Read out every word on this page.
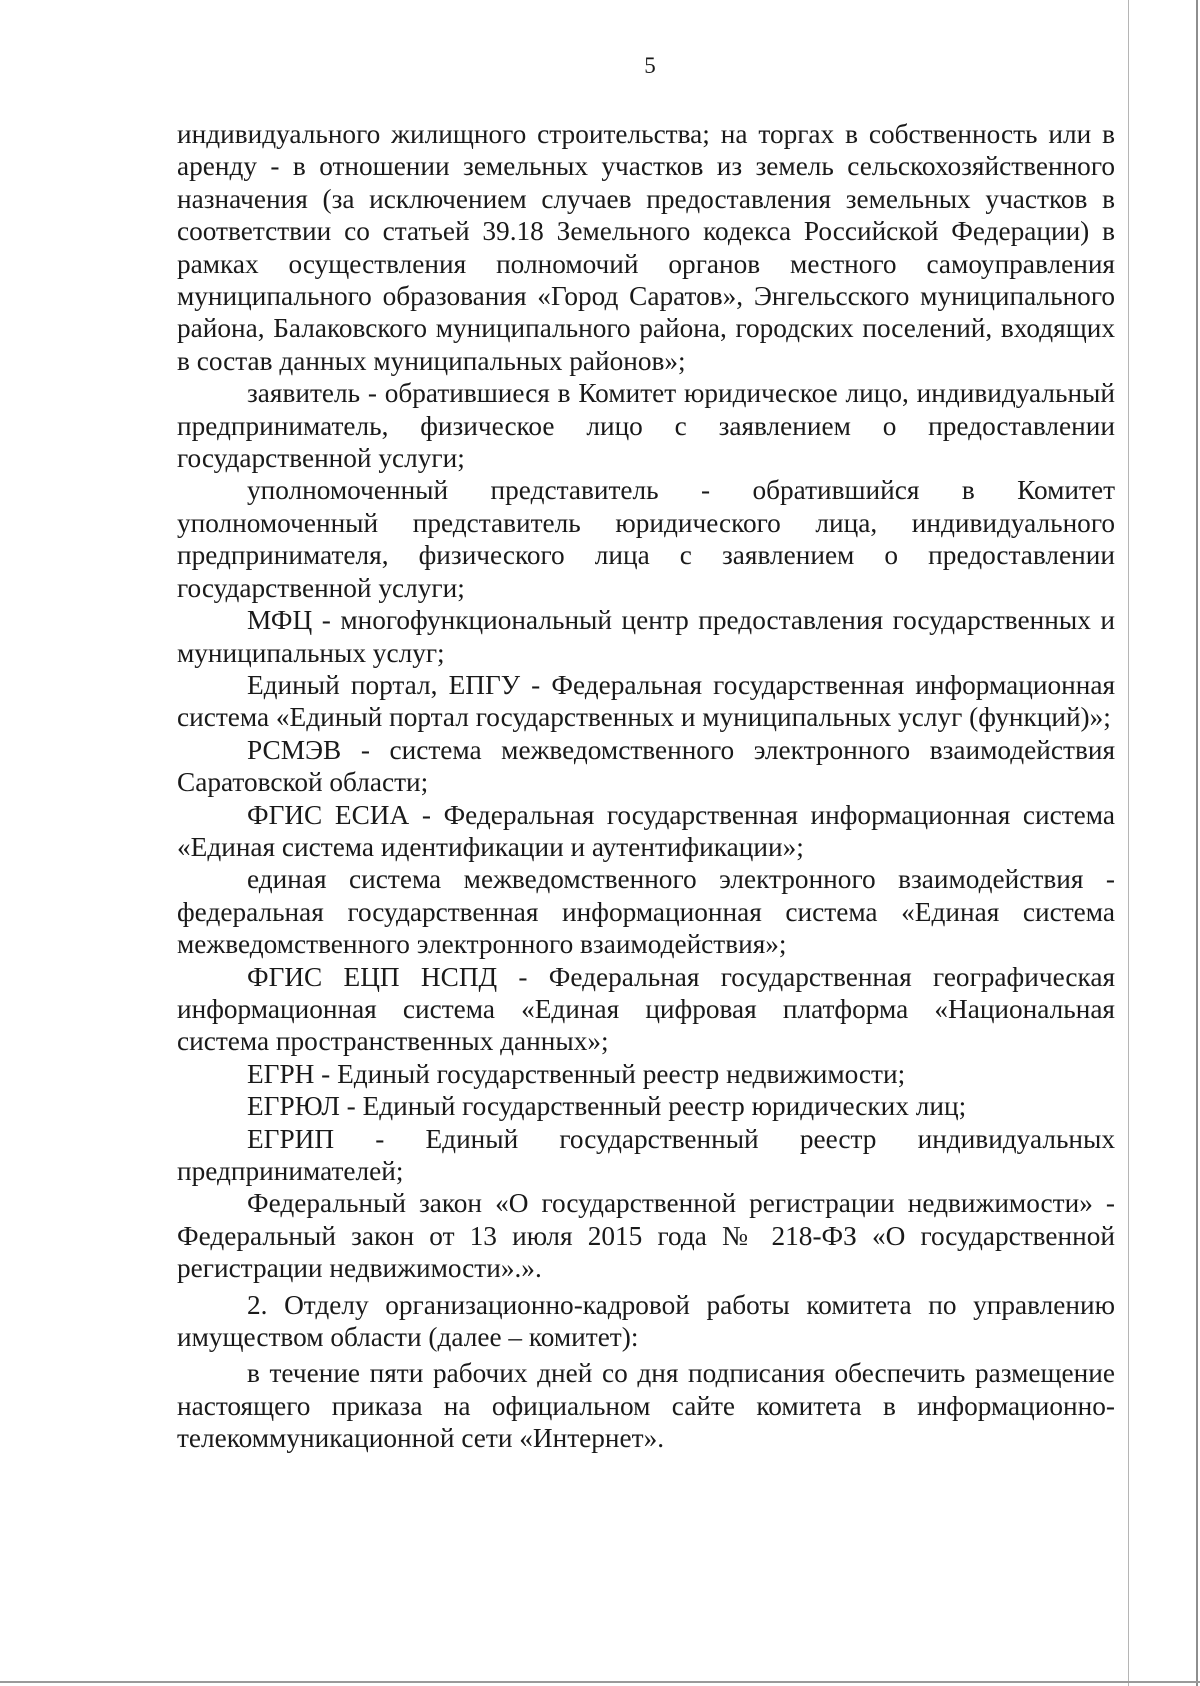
5

индивидуального жилищного строительства; на торгах в собственность или в аренду - в отношении земельных участков из земель сельскохозяйственного назначения (за исключением случаев предоставления земельных участков в соответствии со статьей 39.18 Земельного кодекса Российской Федерации) в рамках осуществления полномочий органов местного самоуправления муниципального образования «Город Саратов», Энгельсского муниципального района, Балаковского муниципального района, городских поселений, входящих в состав данных муниципальных районов»;

заявитель - обратившиеся в Комитет юридическое лицо, индивидуальный предприниматель, физическое лицо с заявлением о предоставлении государственной услуги;

уполномоченный представитель - обратившийся в Комитет уполномоченный представитель юридического лица, индивидуального предпринимателя, физического лица с заявлением о предоставлении государственной услуги;

МФЦ - многофункциональный центр предоставления государственных и муниципальных услуг;

Единый портал, ЕПГУ - Федеральная государственная информационная система «Единый портал государственных и муниципальных услуг (функций)»;

РСМЭВ - система межведомственного электронного взаимодействия Саратовской области;

ФГИС ЕСИА - Федеральная государственная информационная система «Единая система идентификации и аутентификации»;

единая система межведомственного электронного взаимодействия - федеральная государственная информационная система «Единая система межведомственного электронного взаимодействия»;

ФГИС ЕЦП НСПД - Федеральная государственная географическая информационная система «Единая цифровая платформа «Национальная система пространственных данных»;

ЕГРН - Единый государственный реестр недвижимости;

ЕГРЮЛ - Единый государственный реестр юридических лиц;

ЕГРИП - Единый государственный реестр индивидуальных предпринимателей;

Федеральный закон «О государственной регистрации недвижимости» - Федеральный закон от 13 июля 2015 года № 218-ФЗ «О государственной регистрации недвижимости».».

2. Отделу организационно-кадровой работы комитета по управлению имуществом области (далее – комитет):

в течение пяти рабочих дней со дня подписания обеспечить размещение настоящего приказа на официальном сайте комитета в информационно-телекоммуникационной сети «Интернет».
